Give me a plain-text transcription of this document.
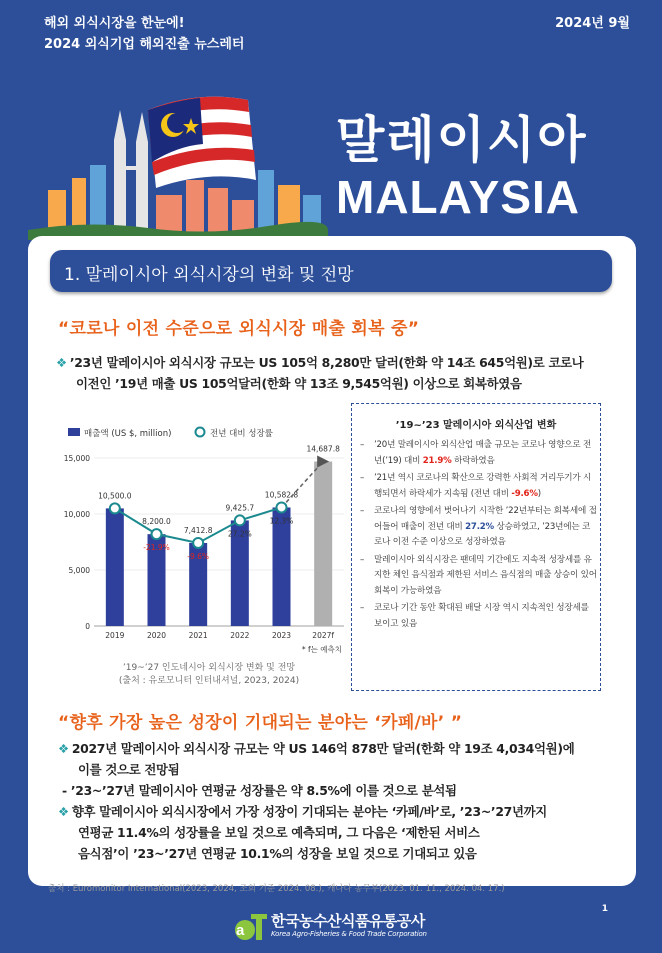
해외 외식시장을 한눈에!
2024 외식기업 해외진출 뉴스레터
2024년 9월
말레이시아
MALAYSIA
1. 말레이시아 외식시장의 변화 및 전망
“코로나 이전 수준으로 외식시장 매출 회복 중”
❖ ’23년 말레이시아 외식시장 규모는 US 105억 8,280만 달러(한화 약 14조 645억원)로 코로나
이전인 ’19년 매출 US 105억달러(한화 약 13조 9,545억원) 이상으로 회복하였음
매출액 (US $, million)	전년 대비 성장률
15,000
10,000
5,000
0
2019	2020	2021	2022	2023	2027f
10,500.0
8,200.0
-21.9%
7,412.8
-9.6%
9,425.7
27.2%
10,582.8
12.3%
14,687.8
* f는 예측치
’19~’27 인도네시아 외식시장 변화 및 전망
(출처 : 유로모니터 인터내셔널, 2023, 2024)
’19~’23 말레이시아 외식산업 변화
– ’20년 말레이시아 외식산업 매출 규모는 코로나 영향으로 전년(’19) 대비 21.9% 하락하였음
– ’21년 역시 코로나의 확산으로 강력한 사회적 거리두기가 시행되면서 하락세가 지속됨 (전년 대비 -9.6%)
– 코로나의 영향에서 벗어나기 시작한 ’22년부터는 회복세에 접어들어 매출이 전년 대비 27.2% 상승하였고, ’23년에는 코로나 이전 수준 이상으로 성장하였음
– 말레이시아 외식시장은 팬데믹 기간에도 지속적 성장세를 유지한 체인 음식점과 제한된 서비스 음식점의 매출 상승이 있어 회복이 가능하였음
– 코로나 기간 동안 확대된 배달 시장 역시 지속적인 성장세를 보이고 있음
“향후 가장 높은 성장이 기대되는 분야는 ‘카페/바’ ”
❖ 2027년 말레이시아 외식시장 규모는 약 US 146억 878만 달러(한화 약 19조 4,034억원)에
이를 것으로 전망됨
- ’23~’27년 말레이시아 연평균 성장률은 약 8.5%에 이를 것으로 분석됨
❖ 향후 말레이시아 외식시장에서 가장 성장이 기대되는 분야는 ‘카페/바’로, ’23~’27년까지
연평균 11.4%의 성장률을 보일 것으로 예측되며, 그 다음은 ‘제한된 서비스
음식점’이 ’23~’27년 연평균 10.1%의 성장을 보일 것으로 기대되고 있음
출처 : Euromonitor International(2023, 2024, 조회 기준 2024. 08.), 캐나다 농무부(2023. 01. 11., 2024. 04. 17.)
1
a
한국농수산식품유통공사
Korea Agro-Fisheries & Food Trade Corporation
